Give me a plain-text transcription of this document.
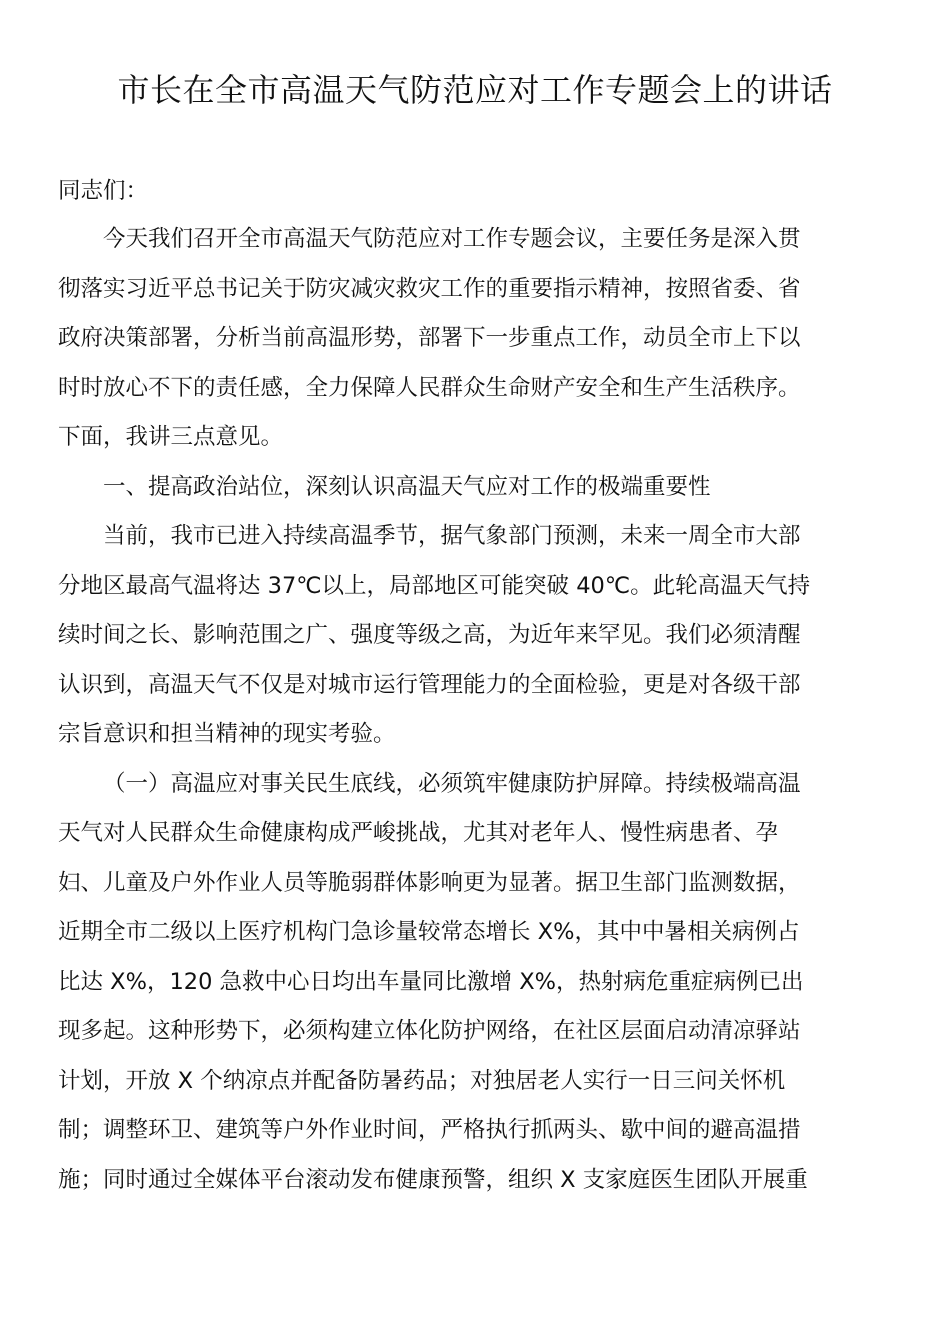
市长在全市高温天气防范应对工作专题会上的讲话

同志们：

今天我们召开全市高温天气防范应对工作专题会议，主要任务是深入贯

彻落实习近平总书记关于防灾减灾救灾工作的重要指示精神，按照省委、省

政府决策部署，分析当前高温形势，部署下一步重点工作，动员全市上下以

时时放心不下的责任感，全力保障人民群众生命财产安全和生产生活秩序。

下面，我讲三点意见。

一、提高政治站位，深刻认识高温天气应对工作的极端重要性

当前，我市已进入持续高温季节，据气象部门预测，未来一周全市大部

分地区最高气温将达 37℃以上，局部地区可能突破 40℃。此轮高温天气持

续时间之长、影响范围之广、强度等级之高，为近年来罕见。我们必须清醒

认识到，高温天气不仅是对城市运行管理能力的全面检验，更是对各级干部

宗旨意识和担当精神的现实考验。

（一）高温应对事关民生底线，必须筑牢健康防护屏障。持续极端高温

天气对人民群众生命健康构成严峻挑战，尤其对老年人、慢性病患者、孕

妇、儿童及户外作业人员等脆弱群体影响更为显著。据卫生部门监测数据，

近期全市二级以上医疗机构门急诊量较常态增长 X%，其中中暑相关病例占

比达 X%，120 急救中心日均出车量同比激增 X%，热射病危重症病例已出

现多起。这种形势下，必须构建立体化防护网络，在社区层面启动清凉驿站

计划，开放 X 个纳凉点并配备防暑药品；对独居老人实行一日三问关怀机

制；调整环卫、建筑等户外作业时间，严格执行抓两头、歇中间的避高温措

施；同时通过全媒体平台滚动发布健康预警，组织 X 支家庭医生团队开展重
